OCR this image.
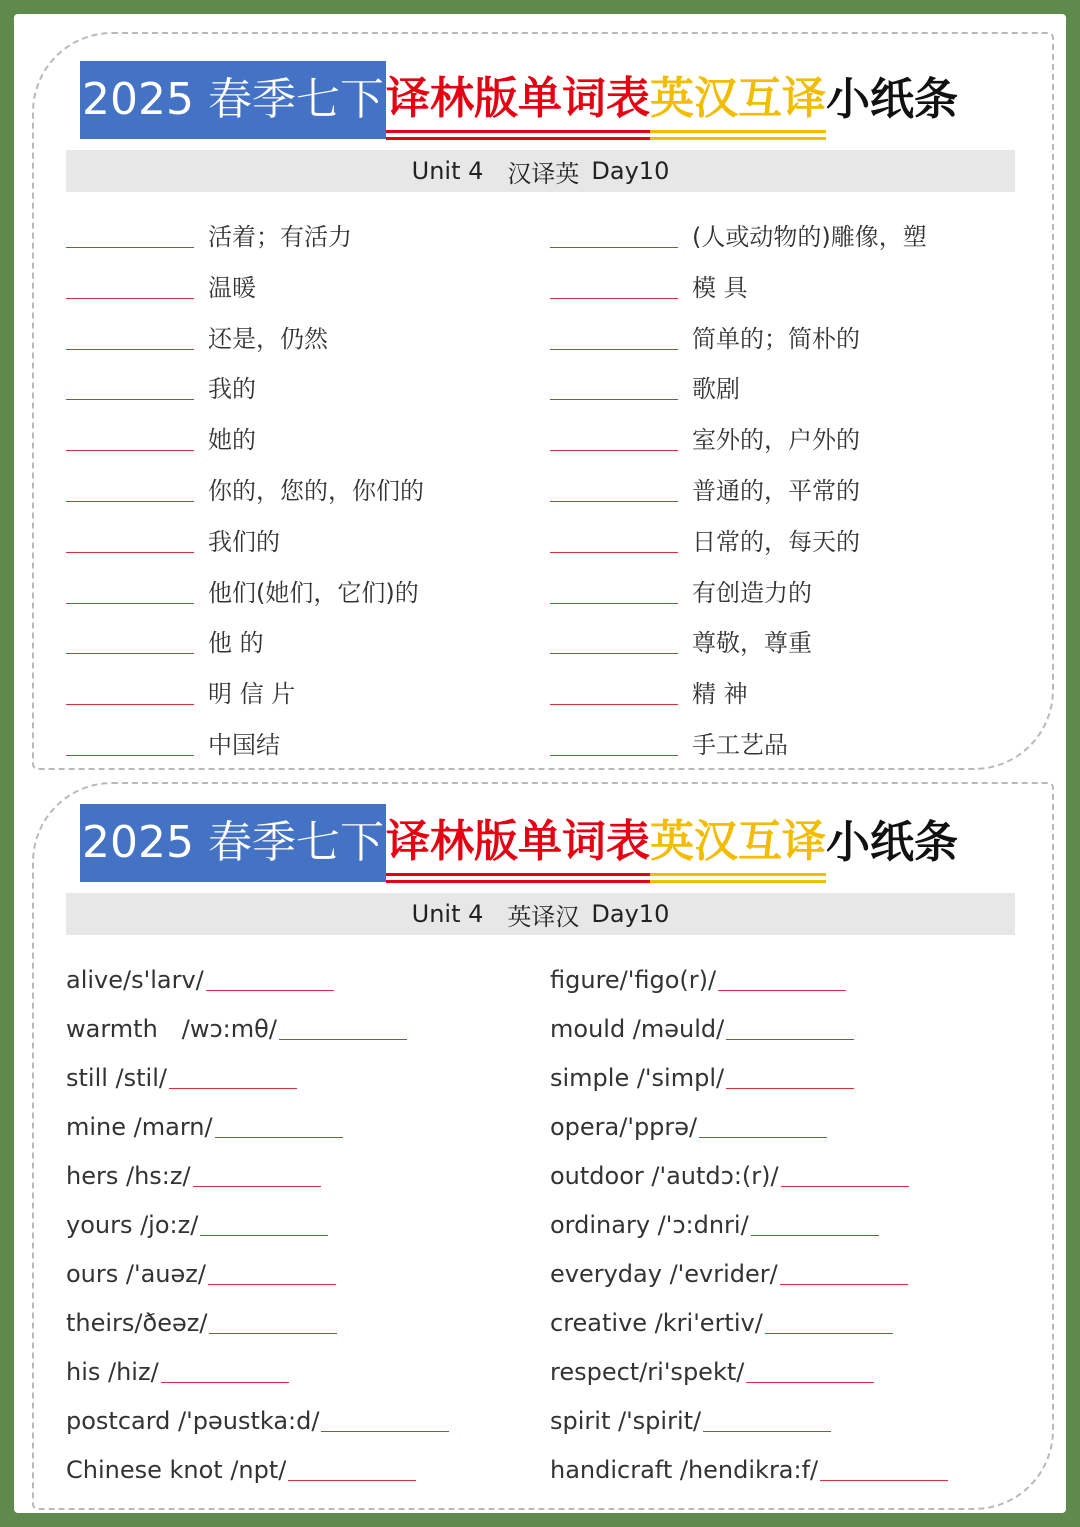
2025 春季七下 译林版单词表 英汉互译 小纸条
Unit 4 汉译英 Day10
活着；有活力
温暖
还是，仍然
我的
她的
你的，您的，你们的
我们的
他们(她们，它们)的
他 的
明 信 片
中国结
(人或动物的)雕像，塑
模 具
简单的；简朴的
歌剧
室外的，户外的
普通的，平常的
日常的，每天的
有创造力的
尊敬，尊重
精 神
手工艺品
2025 春季七下 译林版单词表 英汉互译 小纸条
Unit 4 英译汉 Day10
alive/s'larv/
warmth　/wɔ:mθ/
still /stil/
mine /marn/
hers /hs:z/
yours /jo:z/
ours /'auəz/
theirs/ðeəz/
his /hiz/
postcard /'pəustka:d/
Chinese knot /npt/
figure/'figo(r)/
mould /məuld/
simple /'simpl/
opera/'pprə/
outdoor /'autdɔ:(r)/
ordinary /'ɔ:dnri/
everyday /'evrider/
creative /kri'ertiv/
respect/ri'spekt/
spirit /'spirit/
handicraft /hendikra:f/
